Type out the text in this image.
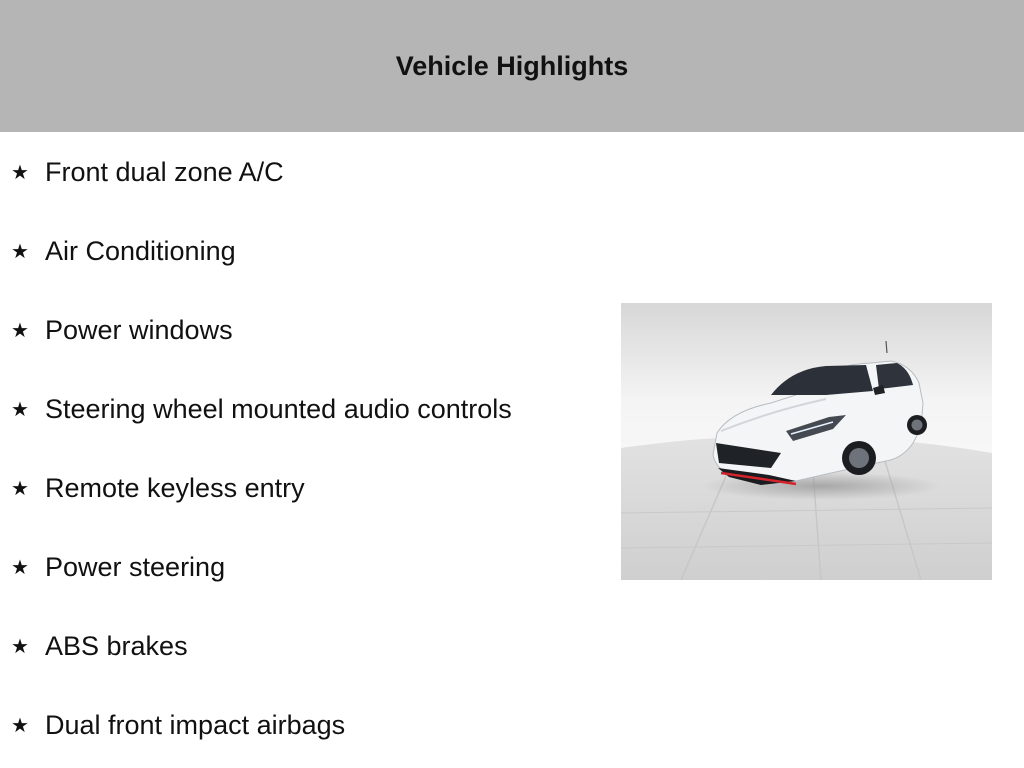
Vehicle Highlights
★ Front dual zone A/C
★ Air Conditioning
★ Power windows
★ Steering wheel mounted audio controls
★ Remote keyless entry
★ Power steering
★ ABS brakes
★ Dual front impact airbags
